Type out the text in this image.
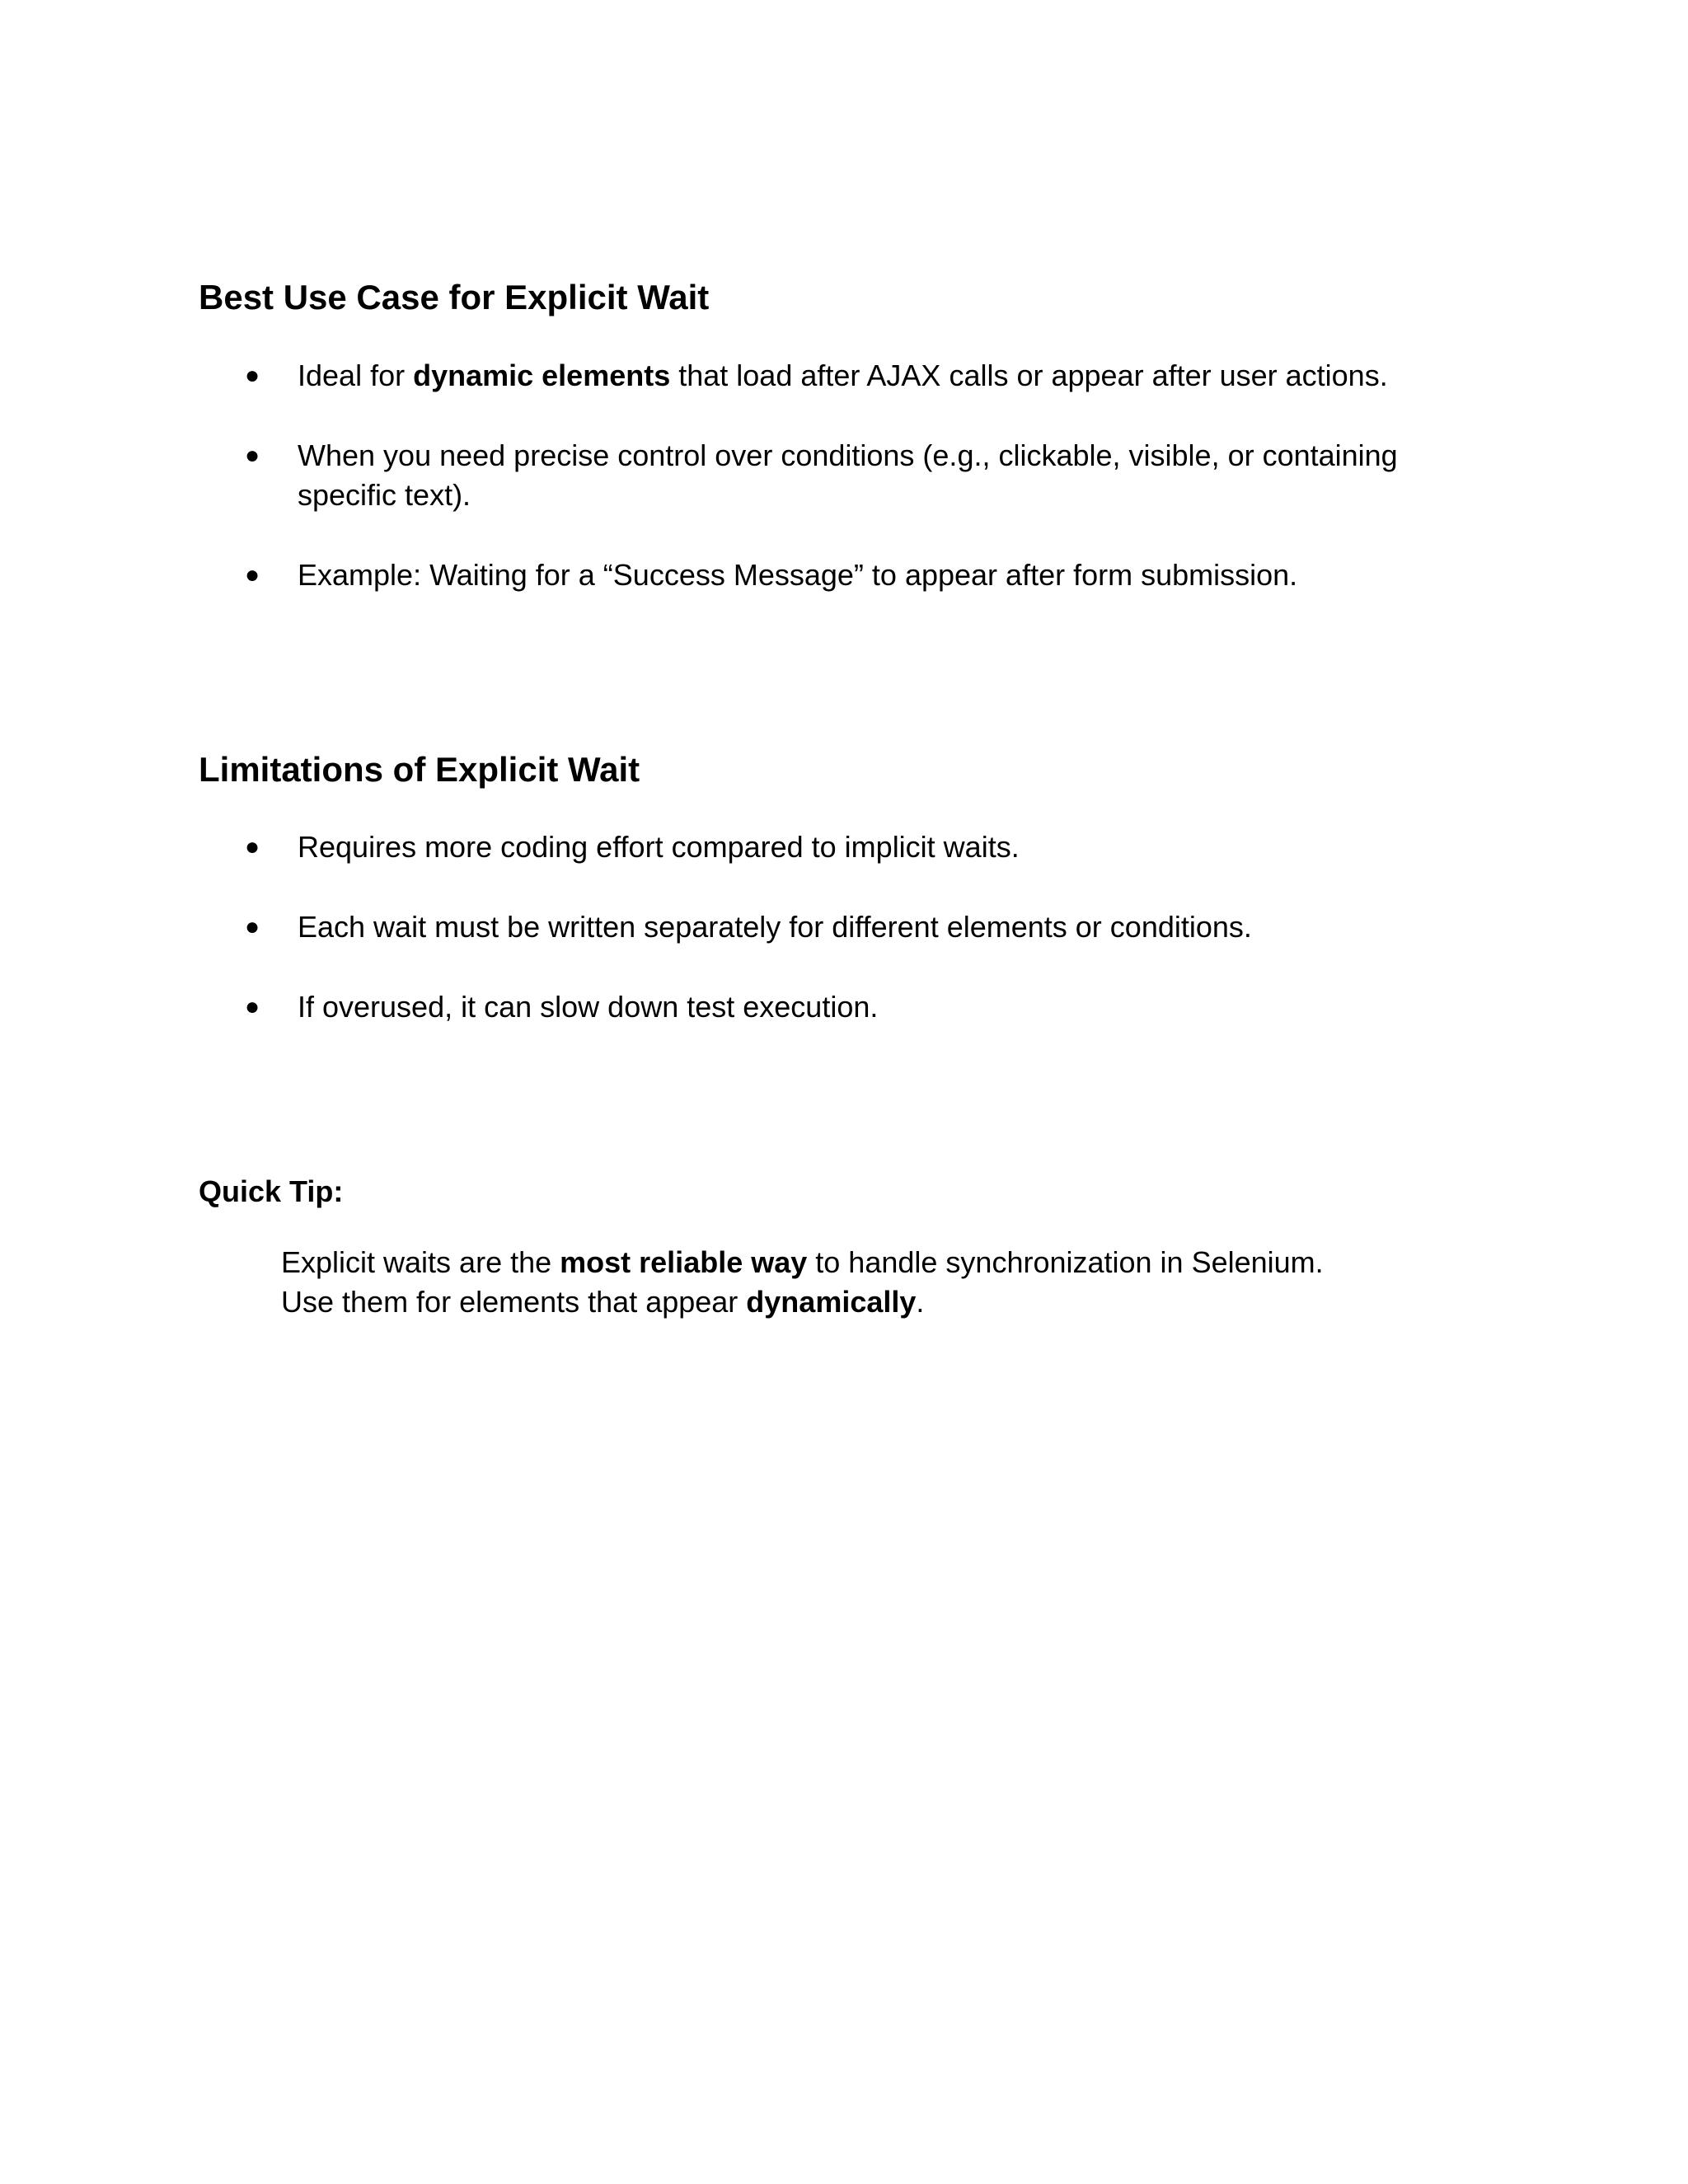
Best Use Case for Explicit Wait
●	Ideal for dynamic elements that load after AJAX calls or appear after user actions.
●	When you need precise control over conditions (e.g., clickable, visible, or containing specific text).
●	Example: Waiting for a “Success Message” to appear after form submission.
Limitations of Explicit Wait
●	Requires more coding effort compared to implicit waits.
●	Each wait must be written separately for different elements or conditions.
●	If overused, it can slow down test execution.
Quick Tip:
Explicit waits are the most reliable way to handle synchronization in Selenium.
Use them for elements that appear dynamically.
